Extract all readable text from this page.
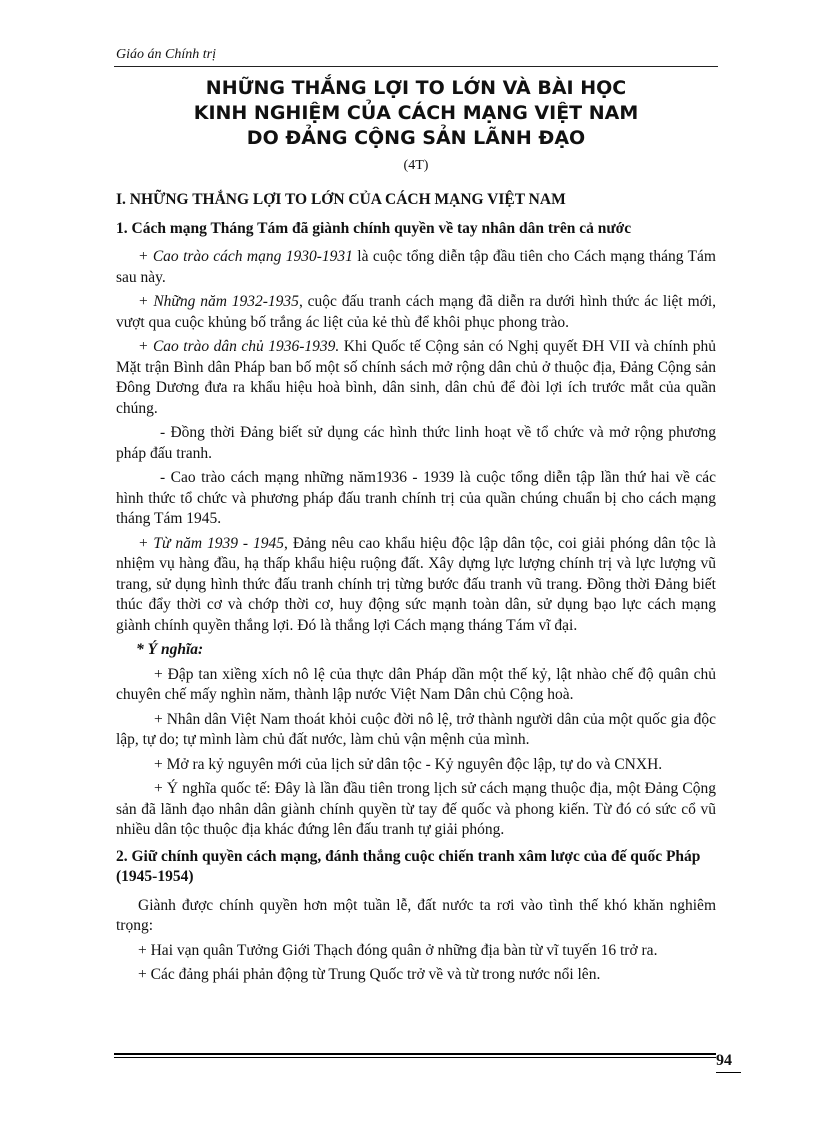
Giáo án Chính trị
NHỮNG THẮNG LỢI TO LỚN VÀ BÀI HỌC
KINH NGHIỆM CỦA CÁCH MẠNG VIỆT NAM
DO ĐẢNG CỘNG SẢN LÃNH ĐẠO
(4T)
I. NHỮNG THẮNG LỢI TO LỚN CỦA CÁCH MẠNG VIỆT NAM
1. Cách mạng Tháng Tám đã giành chính quyền về tay nhân dân trên cả nước
+ Cao trào cách mạng 1930-1931 là cuộc tổng diễn tập đầu tiên cho Cách mạng tháng Tám sau này.
+ Những năm 1932-1935, cuộc đấu tranh cách mạng đã diễn ra dưới hình thức ác liệt mới, vượt qua cuộc khủng bố trắng ác liệt của kẻ thù để khôi phục phong trào.
+ Cao trào dân chủ 1936-1939. Khi Quốc tế Cộng sản có Nghị quyết ĐH VII và chính phủ Mặt trận Bình dân Pháp ban bố một số chính sách mở rộng dân chủ ở thuộc địa, Đảng Cộng sản Đông Dương đưa ra khẩu hiệu hoà bình, dân sinh, dân chủ để đòi lợi ích trước mắt của quần chúng.
- Đồng thời Đảng biết sử dụng các hình thức linh hoạt về tổ chức và mở rộng phương pháp đấu tranh.
- Cao trào cách mạng những năm1936 - 1939 là cuộc tổng diễn tập lần thứ hai về các hình thức tổ chức và phương pháp đấu tranh chính trị của quần chúng chuẩn bị cho cách mạng tháng Tám 1945.
+ Từ năm 1939 - 1945, Đảng nêu cao khẩu hiệu độc lập dân tộc, coi giải phóng dân tộc là nhiệm vụ hàng đầu, hạ thấp khẩu hiệu ruộng đất. Xây dựng lực lượng chính trị và lực lượng vũ trang, sử dụng hình thức đấu tranh chính trị từng bước đấu tranh vũ trang. Đồng thời Đảng biết thúc đẩy thời cơ và chớp thời cơ, huy động sức mạnh toàn dân, sử dụng bạo lực cách mạng giành chính quyền thắng lợi. Đó là thắng lợi Cách mạng tháng Tám vĩ đại.
* Ý nghĩa:
+ Đập tan xiềng xích nô lệ của thực dân Pháp dần một thế kỷ, lật nhào chế độ quân chủ chuyên chế mấy nghìn năm, thành lập nước Việt Nam Dân chủ Cộng hoà.
+ Nhân dân Việt Nam thoát khỏi cuộc đời nô lệ, trở thành người dân của một quốc gia độc lập, tự do; tự mình làm chủ đất nước, làm chủ vận mệnh của mình.
+ Mở ra kỷ nguyên mới của lịch sử dân tộc - Kỷ nguyên độc lập, tự do và CNXH.
+ Ý nghĩa quốc tế: Đây là lần đầu tiên trong lịch sử cách mạng thuộc địa, một Đảng Cộng sản đã lãnh đạo nhân dân giành chính quyền từ tay đế quốc và phong kiến. Từ đó có sức cổ vũ nhiều dân tộc thuộc địa khác đứng lên đấu tranh tự giải phóng.
2. Giữ chính quyền cách mạng, đánh thắng cuộc chiến tranh xâm lược của đế quốc Pháp (1945-1954)
Giành được chính quyền hơn một tuần lễ, đất nước ta rơi vào tình thế khó khăn nghiêm trọng:
+ Hai vạn quân Tưởng Giới Thạch đóng quân ở những địa bàn từ vĩ tuyến 16 trở ra.
+ Các đảng phái phản động từ Trung Quốc trở về và từ trong nước nổi lên.
94
